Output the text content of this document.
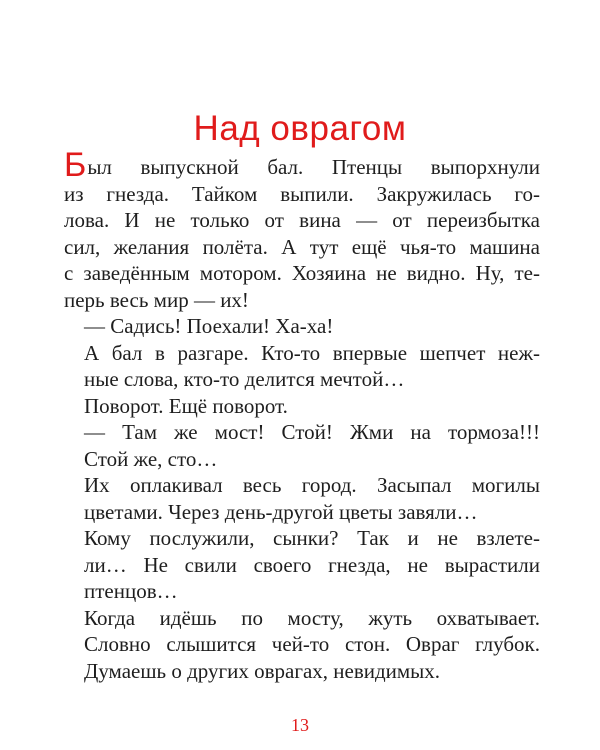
Над оврагом

Был выпускной бал. Птенцы выпорхнули
из гнезда. Тайком выпили. Закружилась го-
лова. И не только от вина — от переизбытка
сил, желания полёта. А тут ещё чья-то машина
с заведённым мотором. Хозяина не видно. Ну, те-
перь весь мир — их!

— Садись! Поехали! Ха-ха!

А бал в разгаре. Кто-то впервые шепчет неж-
ные слова, кто-то делится мечтой…

Поворот. Ещё поворот.

— Там же мост! Стой! Жми на тормоза!!!
Стой же, сто…

Их оплакивал весь город. Засыпал могилы
цветами. Через день-другой цветы завяли…

Кому послужили, сынки? Так и не взлете-
ли… Не свили своего гнезда, не вырастили
птенцов…

Когда идёшь по мосту, жуть охватывает.
Словно слышится чей-то стон. Овраг глубок.
Думаешь о других оврагах, невидимых.

13
